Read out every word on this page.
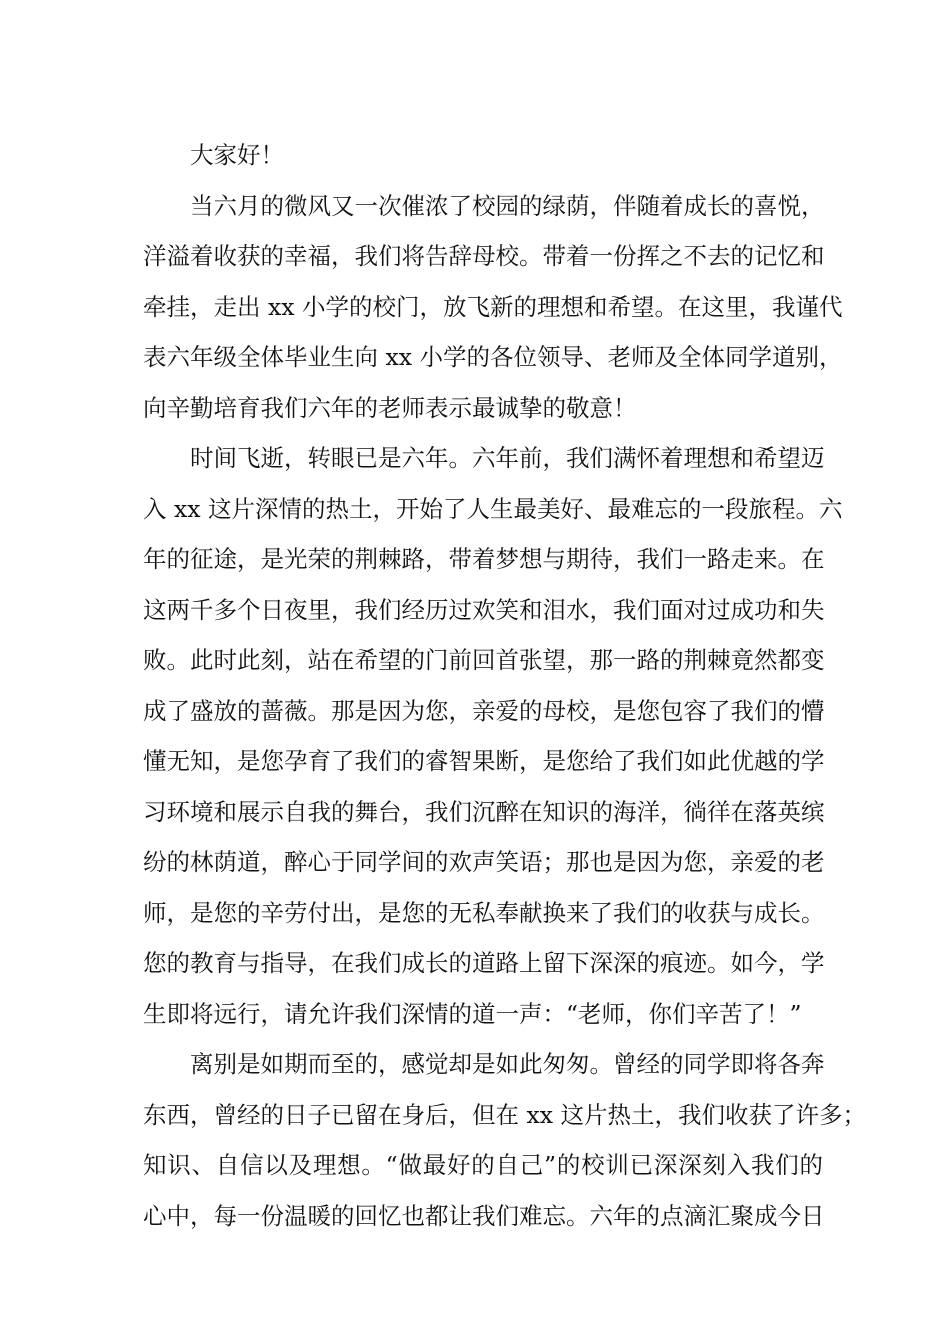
大家好！
当六月的微风又一次催浓了校园的绿荫，伴随着成长的喜悦，
洋溢着收获的幸福，我们将告辞母校。带着一份挥之不去的记忆和
牵挂，走出 xx 小学的校门，放飞新的理想和希望。在这里，我谨代
表六年级全体毕业生向 xx 小学的各位领导、老师及全体同学道别，
向辛勤培育我们六年的老师表示最诚挚的敬意！
时间飞逝，转眼已是六年。六年前，我们满怀着理想和希望迈
入 xx 这片深情的热土，开始了人生最美好、最难忘的一段旅程。六
年的征途，是光荣的荆棘路，带着梦想与期待，我们一路走来。在
这两千多个日夜里，我们经历过欢笑和泪水，我们面对过成功和失
败。此时此刻，站在希望的门前回首张望，那一路的荆棘竟然都变
成了盛放的蔷薇。那是因为您，亲爱的母校，是您包容了我们的懵
懂无知，是您孕育了我们的睿智果断，是您给了我们如此优越的学
习环境和展示自我的舞台，我们沉醉在知识的海洋，徜徉在落英缤
纷的林荫道，醉心于同学间的欢声笑语；那也是因为您，亲爱的老
师，是您的辛劳付出，是您的无私奉献换来了我们的收获与成长。
您的教育与指导，在我们成长的道路上留下深深的痕迹。如今，学
生即将远行，请允许我们深情的道一声：“老师，你们辛苦了！”
离别是如期而至的，感觉却是如此匆匆。曾经的同学即将各奔
东西，曾经的日子已留在身后，但在 xx 这片热土，我们收获了许多；
知识、自信以及理想。“做最好的自己”的校训已深深刻入我们的
心中，每一份温暖的回忆也都让我们难忘。六年的点滴汇聚成今日
